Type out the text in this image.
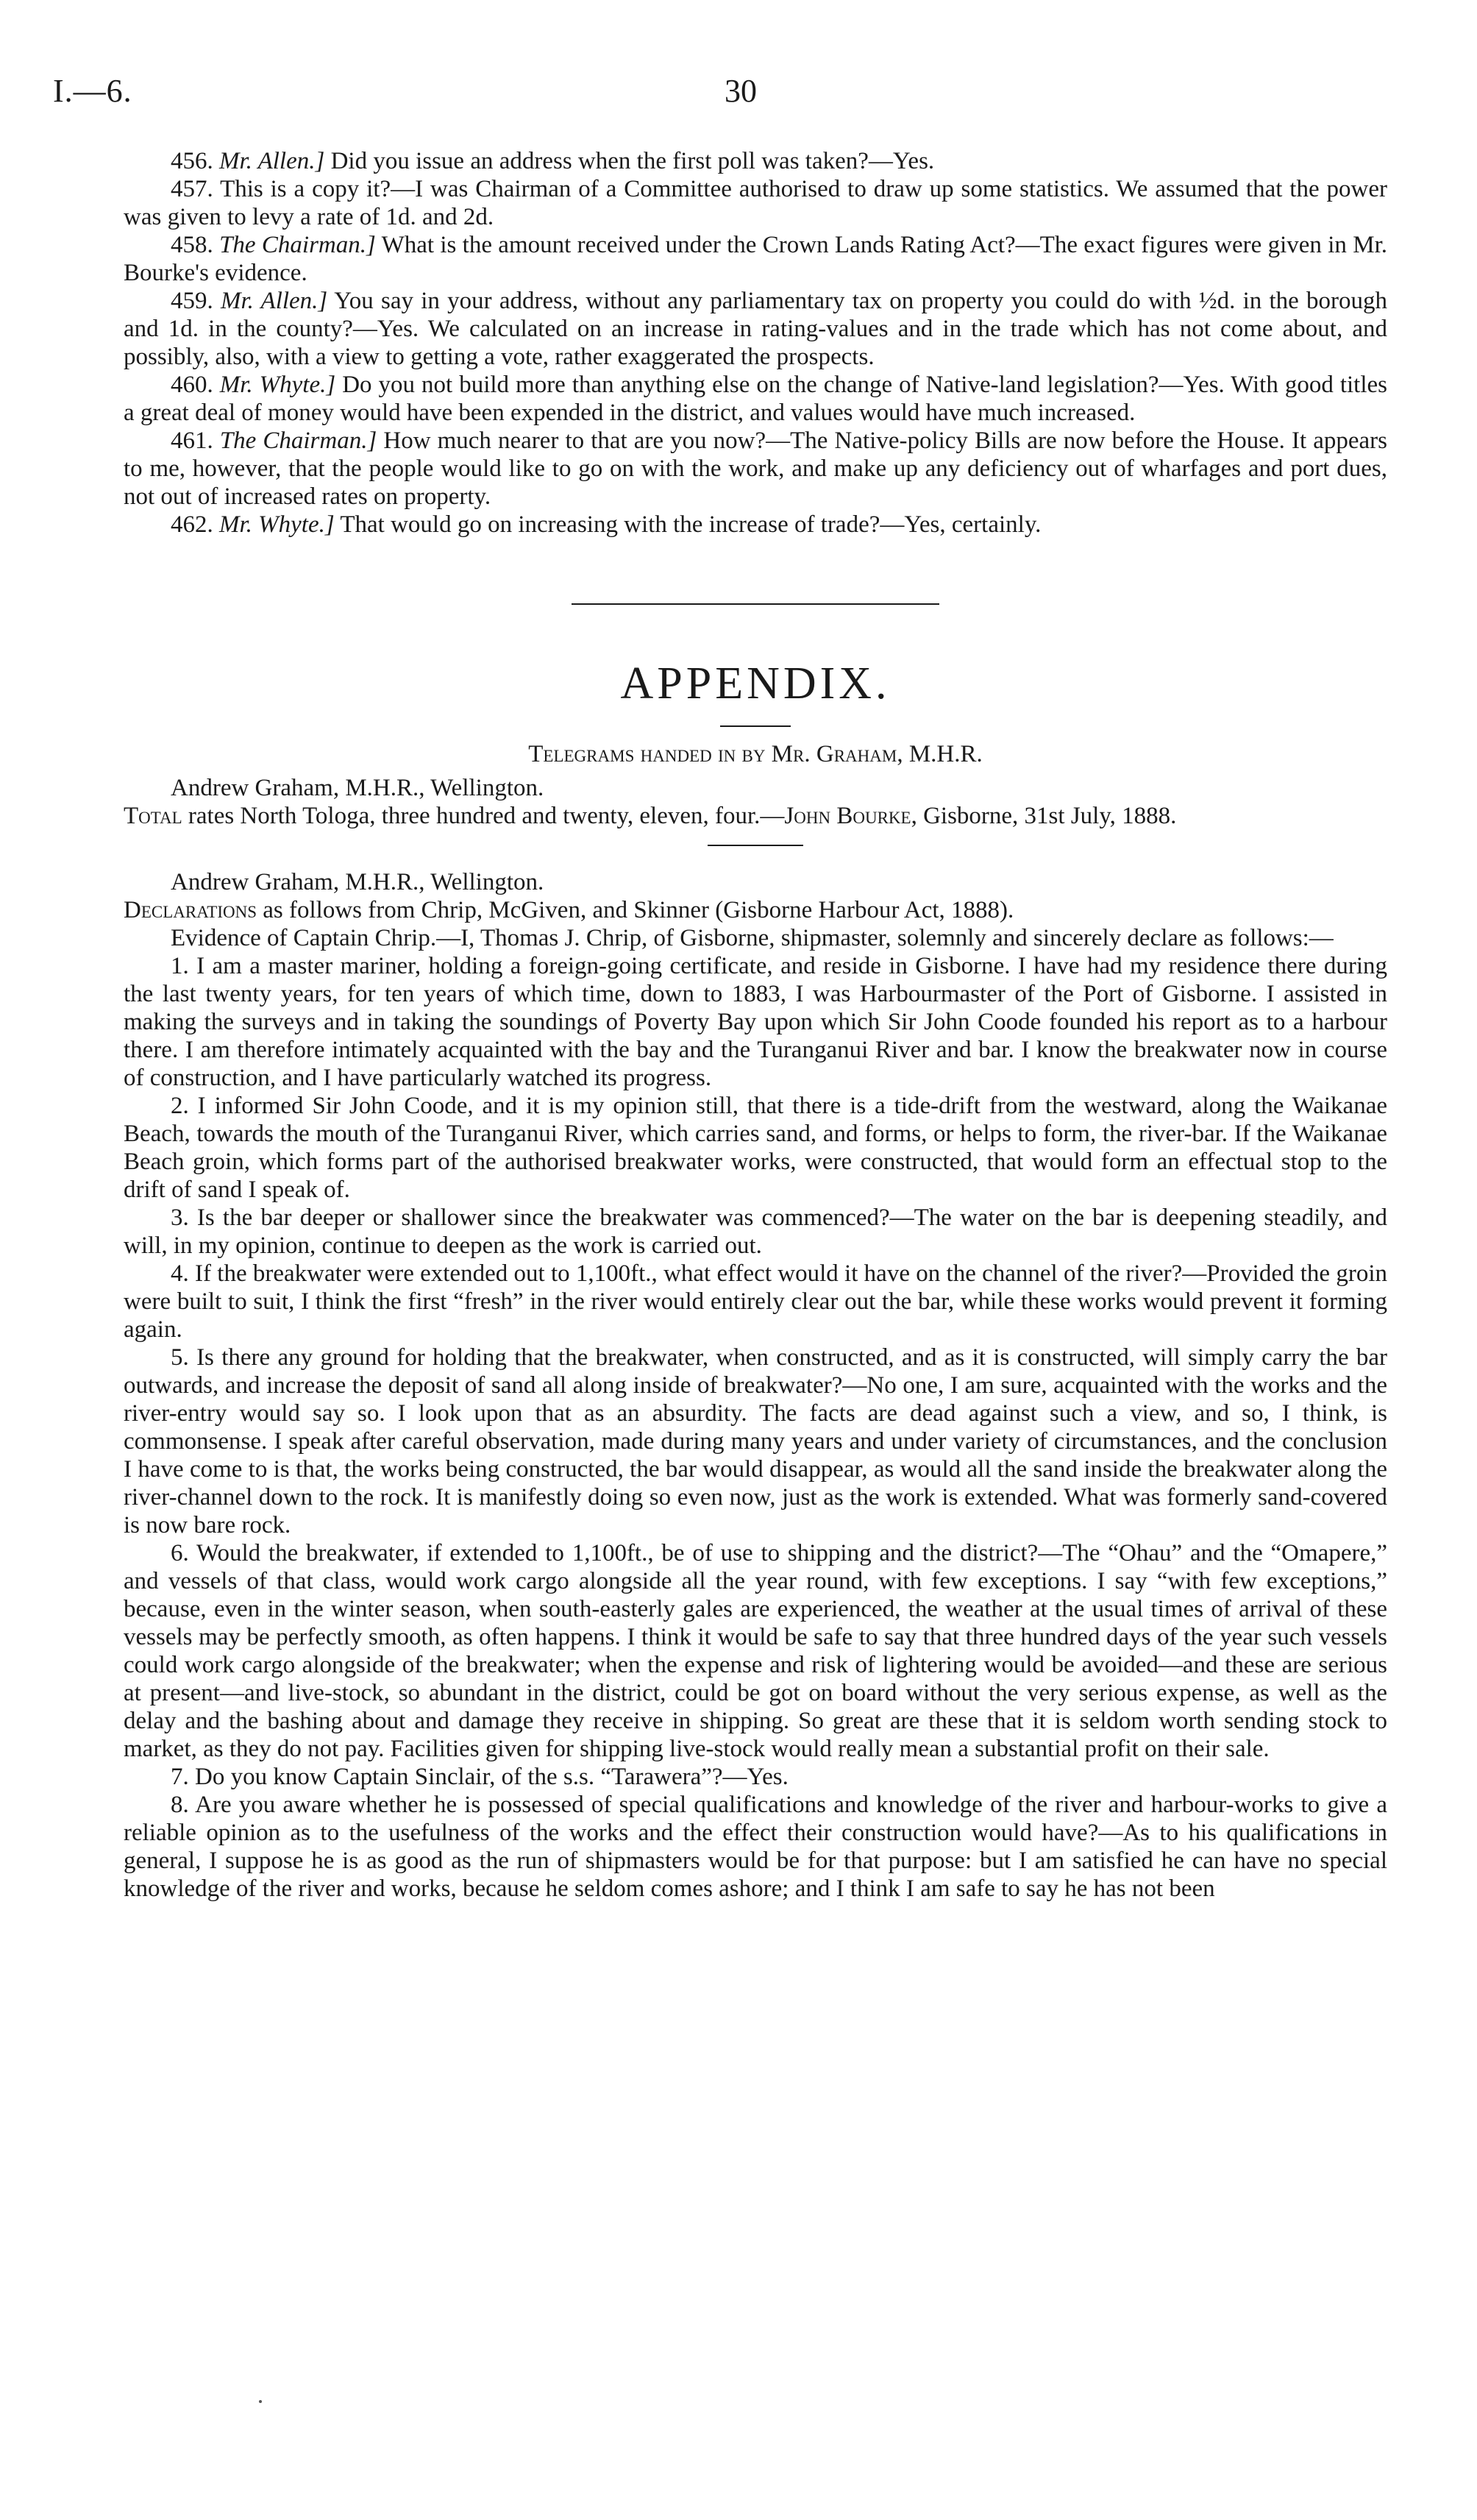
I.—6.	30

456. Mr. Allen.] Did you issue an address when the first poll was taken?—Yes.

457. This is a copy it?—I was Chairman of a Committee authorised to draw up some statistics. We assumed that the power was given to levy a rate of 1d. and 2d.

458. The Chairman.] What is the amount received under the Crown Lands Rating Act?—The exact figures were given in Mr. Bourke's evidence.

459. Mr. Allen.] You say in your address, without any parliamentary tax on property you could do with ½d. in the borough and 1d. in the county?—Yes. We calculated on an increase in rating-values and in the trade which has not come about, and possibly, also, with a view to getting a vote, rather exaggerated the prospects.

460. Mr. Whyte.] Do you not build more than anything else on the change of Native-land legislation?—Yes. With good titles a great deal of money would have been expended in the district, and values would have much increased.

461. The Chairman.] How much nearer to that are you now?—The Native-policy Bills are now before the House. It appears to me, however, that the people would like to go on with the work, and make up any deficiency out of wharfages and port dues, not out of increased rates on property.

462. Mr. Whyte.] That would go on increasing with the increase of trade?—Yes, certainly.

APPENDIX.
Telegrams handed in by Mr. Graham, M.H.R.

Andrew Graham, M.H.R., Wellington.

Total rates North Tologa, three hundred and twenty, eleven, four.—John Bourke, Gisborne, 31st July, 1888.

Andrew Graham, M.H.R., Wellington.

Declarations as follows from Chrip, McGiven, and Skinner (Gisborne Harbour Act, 1888).

Evidence of Captain Chrip.—I, Thomas J. Chrip, of Gisborne, shipmaster, solemnly and sincerely declare as follows:—

1. I am a master mariner, holding a foreign-going certificate, and reside in Gisborne. I have had my residence there during the last twenty years, for ten years of which time, down to 1883, I was Harbourmaster of the Port of Gisborne. I assisted in making the surveys and in taking the soundings of Poverty Bay upon which Sir John Coode founded his report as to a harbour there. I am therefore intimately acquainted with the bay and the Turanganui River and bar. I know the breakwater now in course of construction, and I have particularly watched its progress.

2. I informed Sir John Coode, and it is my opinion still, that there is a tide-drift from the westward, along the Waikanae Beach, towards the mouth of the Turanganui River, which carries sand, and forms, or helps to form, the river-bar. If the Waikanae Beach groin, which forms part of the authorised breakwater works, were constructed, that would form an effectual stop to the drift of sand I speak of.

3. Is the bar deeper or shallower since the breakwater was commenced?—The water on the bar is deepening steadily, and will, in my opinion, continue to deepen as the work is carried out.

4. If the breakwater were extended out to 1,100ft., what effect would it have on the channel of the river?—Provided the groin were built to suit, I think the first “fresh” in the river would entirely clear out the bar, while these works would prevent it forming again.

5. Is there any ground for holding that the breakwater, when constructed, and as it is constructed, will simply carry the bar outwards, and increase the deposit of sand all along inside of breakwater?—No one, I am sure, acquainted with the works and the river-entry would say so. I look upon that as an absurdity. The facts are dead against such a view, and so, I think, is commonsense. I speak after careful observation, made during many years and under variety of circumstances, and the conclusion I have come to is that, the works being constructed, the bar would disappear, as would all the sand inside the breakwater along the river-channel down to the rock. It is manifestly doing so even now, just as the work is extended. What was formerly sand-covered is now bare rock.

6. Would the breakwater, if extended to 1,100ft., be of use to shipping and the district?—The “Ohau” and the “Omapere,” and vessels of that class, would work cargo alongside all the year round, with few exceptions. I say “with few exceptions,” because, even in the winter season, when south-easterly gales are experienced, the weather at the usual times of arrival of these vessels may be perfectly smooth, as often happens. I think it would be safe to say that three hundred days of the year such vessels could work cargo alongside of the breakwater; when the expense and risk of lightering would be avoided—and these are serious at present—and live-stock, so abundant in the district, could be got on board without the very serious expense, as well as the delay and the bashing about and damage they receive in shipping. So great are these that it is seldom worth sending stock to market, as they do not pay. Facilities given for shipping live-stock would really mean a substantial profit on their sale.

7. Do you know Captain Sinclair, of the s.s. “Tarawera”?—Yes.

8. Are you aware whether he is possessed of special qualifications and knowledge of the river and harbour-works to give a reliable opinion as to the usefulness of the works and the effect their construction would have?—As to his qualifications in general, I suppose he is as good as the run of shipmasters would be for that purpose: but I am satisfied he can have no special knowledge of the river and works, because he seldom comes ashore; and I think I am safe to say he has not been
